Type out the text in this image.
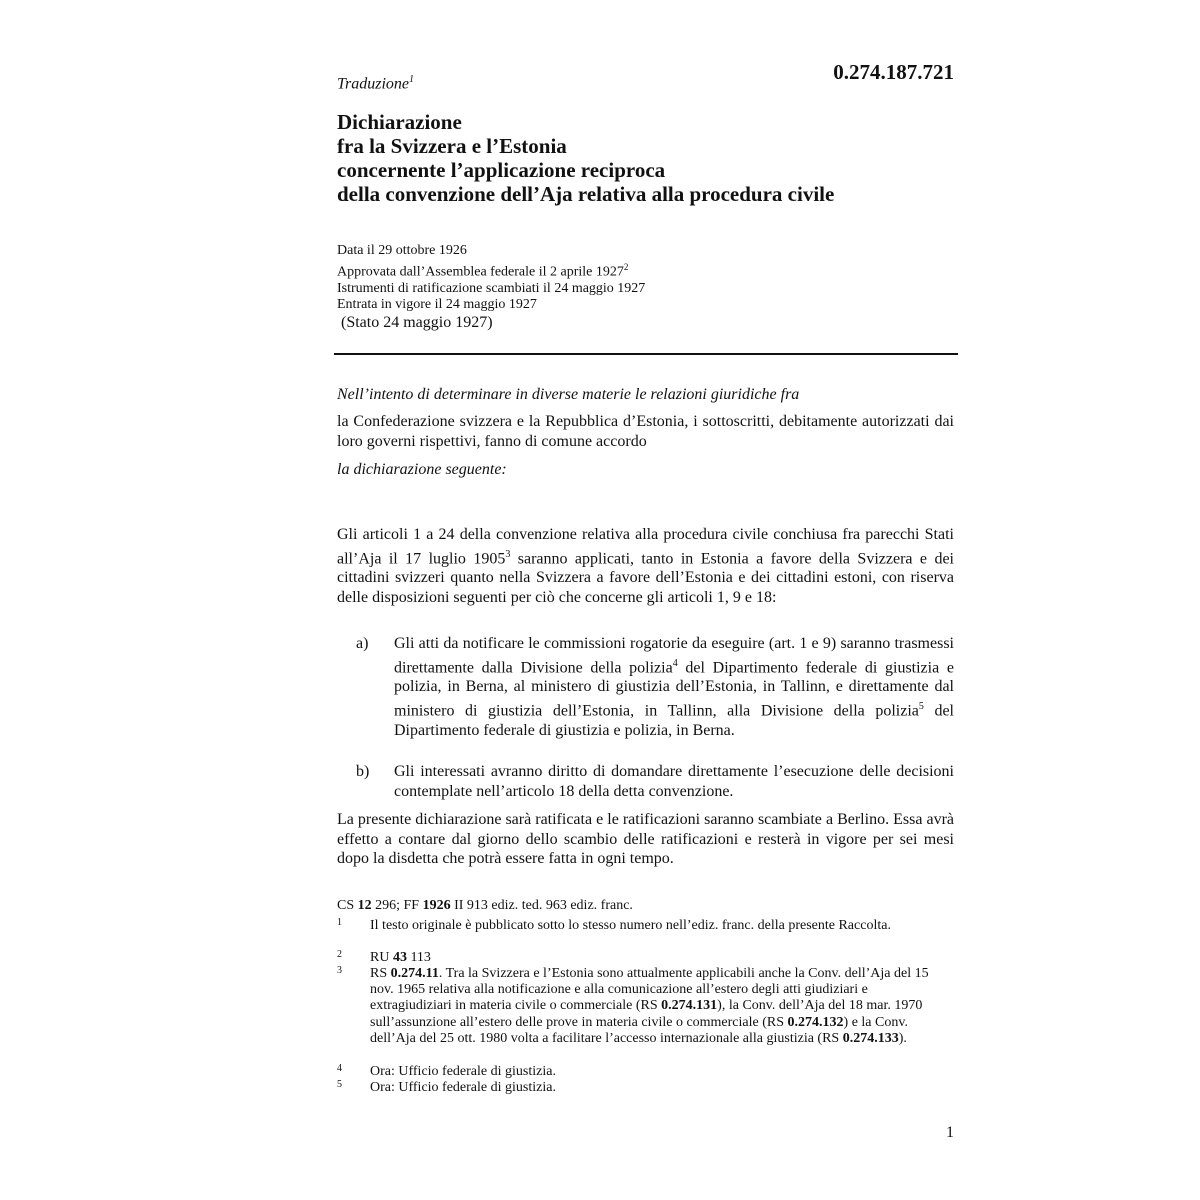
0.274.187.721
Traduzione$^1$
Dichiarazione
fra la Svizzera e l’Estonia
concernente l’applicazione reciproca
della convenzione dell’Aja relativa alla procedura civile
Data il 29 ottobre 1926
Approvata dall’Assemblea federale il 2 aprile 1927$^2$
Istrumenti di ratificazione scambiati il 24 maggio 1927
Entrata in vigore il 24 maggio 1927
(Stato 24 maggio 1927)
Nell’intento di determinare in diverse materie le relazioni giuridiche fra
la Confederazione svizzera e la Repubblica d’Estonia, i sottoscritti, debitamente autorizzati dai loro governi rispettivi, fanno di comune accordo
la dichiarazione seguente:
Gli articoli 1 a 24 della convenzione relativa alla procedura civile conchiusa fra parecchi Stati all’Aja il 17 luglio 1905$^3$ saranno applicati, tanto in Estonia a favore della Svizzera e dei cittadini svizzeri quanto nella Svizzera a favore dell’Estonia e dei cittadini estoni, con riserva delle disposizioni seguenti per ciò che concerne gli articoli 1, 9 e 18:
a)	Gli atti da notificare le commissioni rogatorie da eseguire (art. 1 e 9) saranno trasmessi direttamente dalla Divisione della polizia$^4$ del Dipartimento federale di giustizia e polizia, in Berna, al ministero di giustizia dell’Estonia, in Tallinn, e direttamente dal ministero di giustizia dell’Estonia, in Tallinn, alla Divisione della polizia$^5$ del Dipartimento federale di giustizia e polizia, in Berna.
b)	Gli interessati avranno diritto di domandare direttamente l’esecuzione delle decisioni contemplate nell’articolo 18 della detta convenzione.
La presente dichiarazione sarà ratificata e le ratificazioni saranno scambiate a Berlino. Essa avrà effetto a contare dal giorno dello scambio delle ratificazioni e resterà in vigore per sei mesi dopo la disdetta che potrà essere fatta in ogni tempo.
CS 12 296; FF 1926 II 913 ediz. ted. 963 ediz. franc.
1 Il testo originale è pubblicato sotto lo stesso numero nell’ediz. franc. della presente Raccolta.
2 RU 43 113
3 RS 0.274.11. Tra la Svizzera e l’Estonia sono attualmente applicabili anche la Conv. dell’Aja del 15 nov. 1965 relativa alla notificazione e alla comunicazione all’estero degli atti giudiziari e extragiudiziari in materia civile o commerciale (RS 0.274.131), la Conv. dell’Aja del 18 mar. 1970 sull’assunzione all’estero delle prove in materia civile o commerciale (RS 0.274.132) e la Conv. dell’Aja del 25 ott. 1980 volta a facilitare l’accesso internazionale alla giustizia (RS 0.274.133).
4 Ora: Ufficio federale di giustizia.
5 Ora: Ufficio federale di giustizia.
1
